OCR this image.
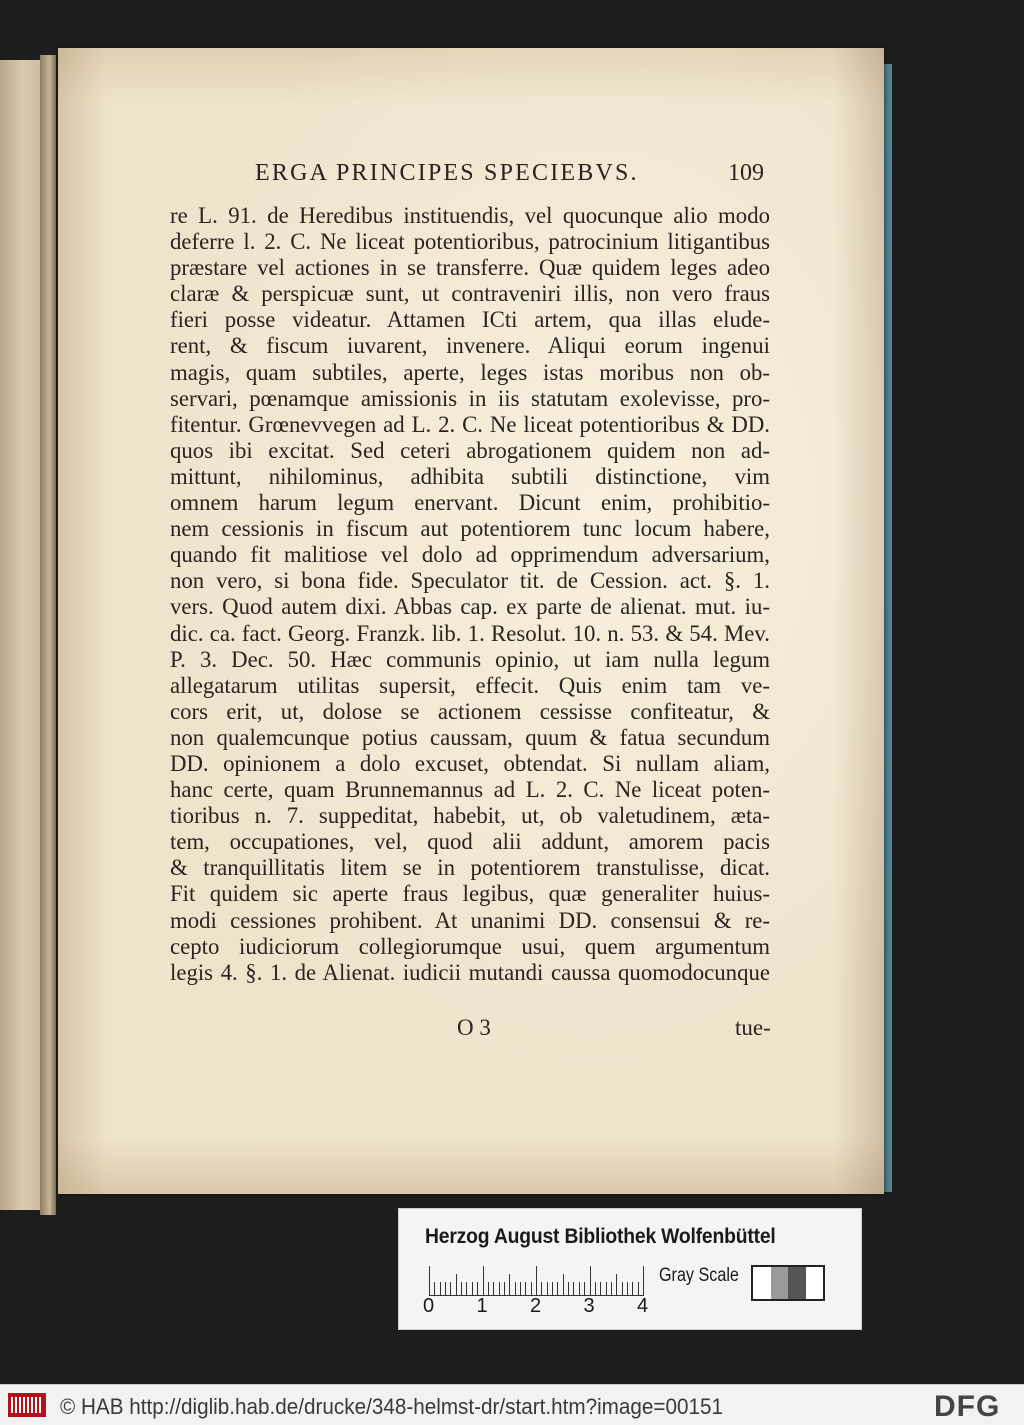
ERGA PRINCIPES SPECIEBVS.	109
re L. 91. de Heredibus instituendis, vel quocunque alio modo
deferre l. 2. C. Ne liceat potentioribus, patrocinium litigantibus
præstare vel actiones in se transferre. Quæ quidem leges adeo
claræ & perspicuæ sunt, ut contraveniri illis, non vero fraus
fieri posse videatur. Attamen ICti artem, qua illas elude-
rent, & fiscum iuvarent, invenere. Aliqui eorum ingenui
magis, quam subtiles, aperte, leges istas moribus non ob-
servari, pœnamque amissionis in iis statutam exolevisse, pro-
fitentur. Grœnevvegen ad L. 2. C. Ne liceat potentioribus & DD.
quos ibi excitat. Sed ceteri abrogationem quidem non ad-
mittunt, nihilominus, adhibita subtili distinctione, vim
omnem harum legum enervant. Dicunt enim, prohibitio-
nem cessionis in fiscum aut potentiorem tunc locum habere,
quando fit malitiose vel dolo ad opprimendum adversarium,
non vero, si bona fide. Speculator tit. de Cession. act. §. 1.
vers. Quod autem dixi. Abbas cap. ex parte de alienat. mut. iu-
dic. ca. fact. Georg. Franzk. lib. 1. Resolut. 10. n. 53. & 54. Mev.
P. 3. Dec. 50. Hæc communis opinio, ut iam nulla legum
allegatarum utilitas supersit, effecit. Quis enim tam ve-
cors erit, ut, dolose se actionem cessisse confiteatur, &
non qualemcunque potius caussam, quum & fatua secundum
DD. opinionem a dolo excuset, obtendat. Si nullam aliam,
hanc certe, quam Brunnemannus ad L. 2. C. Ne liceat poten-
tioribus n. 7. suppeditat, habebit, ut, ob valetudinem, æta-
tem, occupationes, vel, quod alii addunt, amorem pacis
& tranquillitatis litem se in potentiorem transtulisse, dicat.
Fit quidem sic aperte fraus legibus, quæ generaliter huius-
modi cessiones prohibent. At unanimi DD. consensui & re-
cepto iudiciorum collegiorumque usui, quem argumentum
legis 4. §. 1. de Alienat. iudicii mutandi caussa quomodocunque
O 3	tue-
Herzog August Bibliothek Wolfenbüttel
Gray Scale
0 1 2 3 4
© HAB http://diglib.hab.de/drucke/348-helmst-dr/start.htm?image=00151	DFG
